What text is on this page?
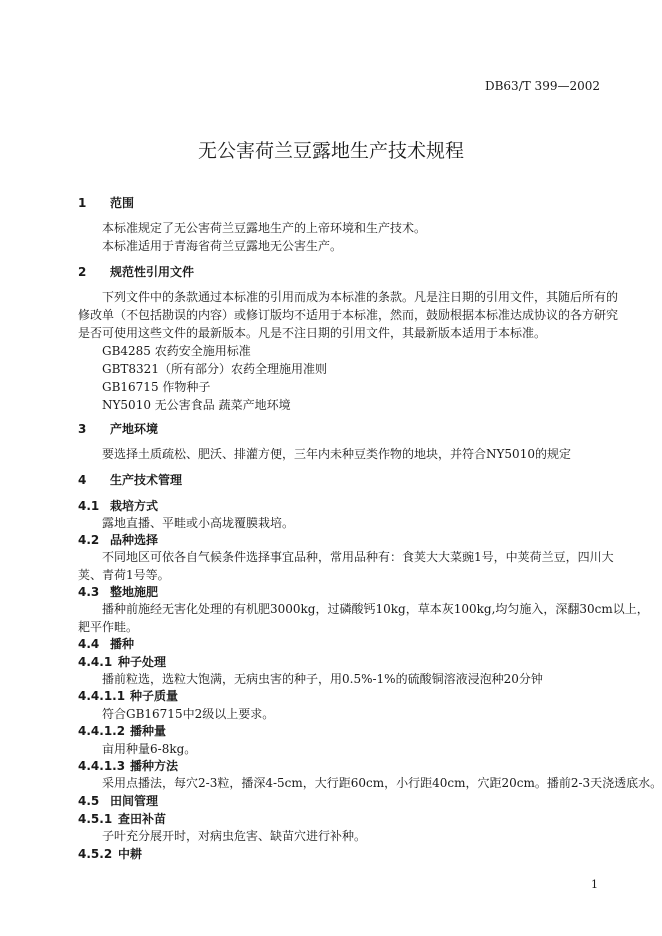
DB63/T 399—2002
无公害荷兰豆露地生产技术规程
1 范围
本标准规定了无公害荷兰豆露地生产的上帝环境和生产技术。
本标准适用于青海省荷兰豆露地无公害生产。
2 规范性引用文件
下列文件中的条款通过本标准的引用而成为本标准的条款。凡是注日期的引用文件，其随后所有的
修改单（不包括勘误的内容）或修订版均不适用于本标准，然而，鼓励根据本标准达成协议的各方研究
是否可使用这些文件的最新版本。凡是不注日期的引用文件，其最新版本适用于本标准。
GB4285 农药安全施用标准
GBT8321（所有部分）农药全理施用准则
GB16715 作物种子
NY5010 无公害食品 蔬菜产地环境
3 产地环境
要选择土质疏松、肥沃、排灌方便，三年内未种豆类作物的地块，并符合NY5010的规定
4 生产技术管理
4.1 栽培方式
露地直播、平畦或小高垅覆膜栽培。
4.2 品种选择
不同地区可依各自气候条件选择事宜品种，常用品种有：食荚大大菜豌1号，中荚荷兰豆，四川大
荚、青荷1号等。
4.3 整地施肥
播种前施经无害化处理的有机肥3000kg，过磷酸钙10kg，草本灰100kg,均匀施入，深翻30cm以上，
耙平作畦。
4.4 播种
4.4.1 种子处理
播前粒选，选粒大饱满，无病虫害的种子，用0.5%-1%的硫酸铜溶液浸泡种20分钟
4.4.1.1 种子质量
符合GB16715中2级以上要求。
4.4.1.2 播种量
亩用种量6-8kg。
4.4.1.3 播种方法
采用点播法，每穴2-3粒，播深4-5cm，大行距60cm，小行距40cm，穴距20cm。播前2-3天浇透底水。
4.5 田间管理
4.5.1 查田补苗
子叶充分展开时，对病虫危害、缺苗穴进行补种。
4.5.2 中耕
1
